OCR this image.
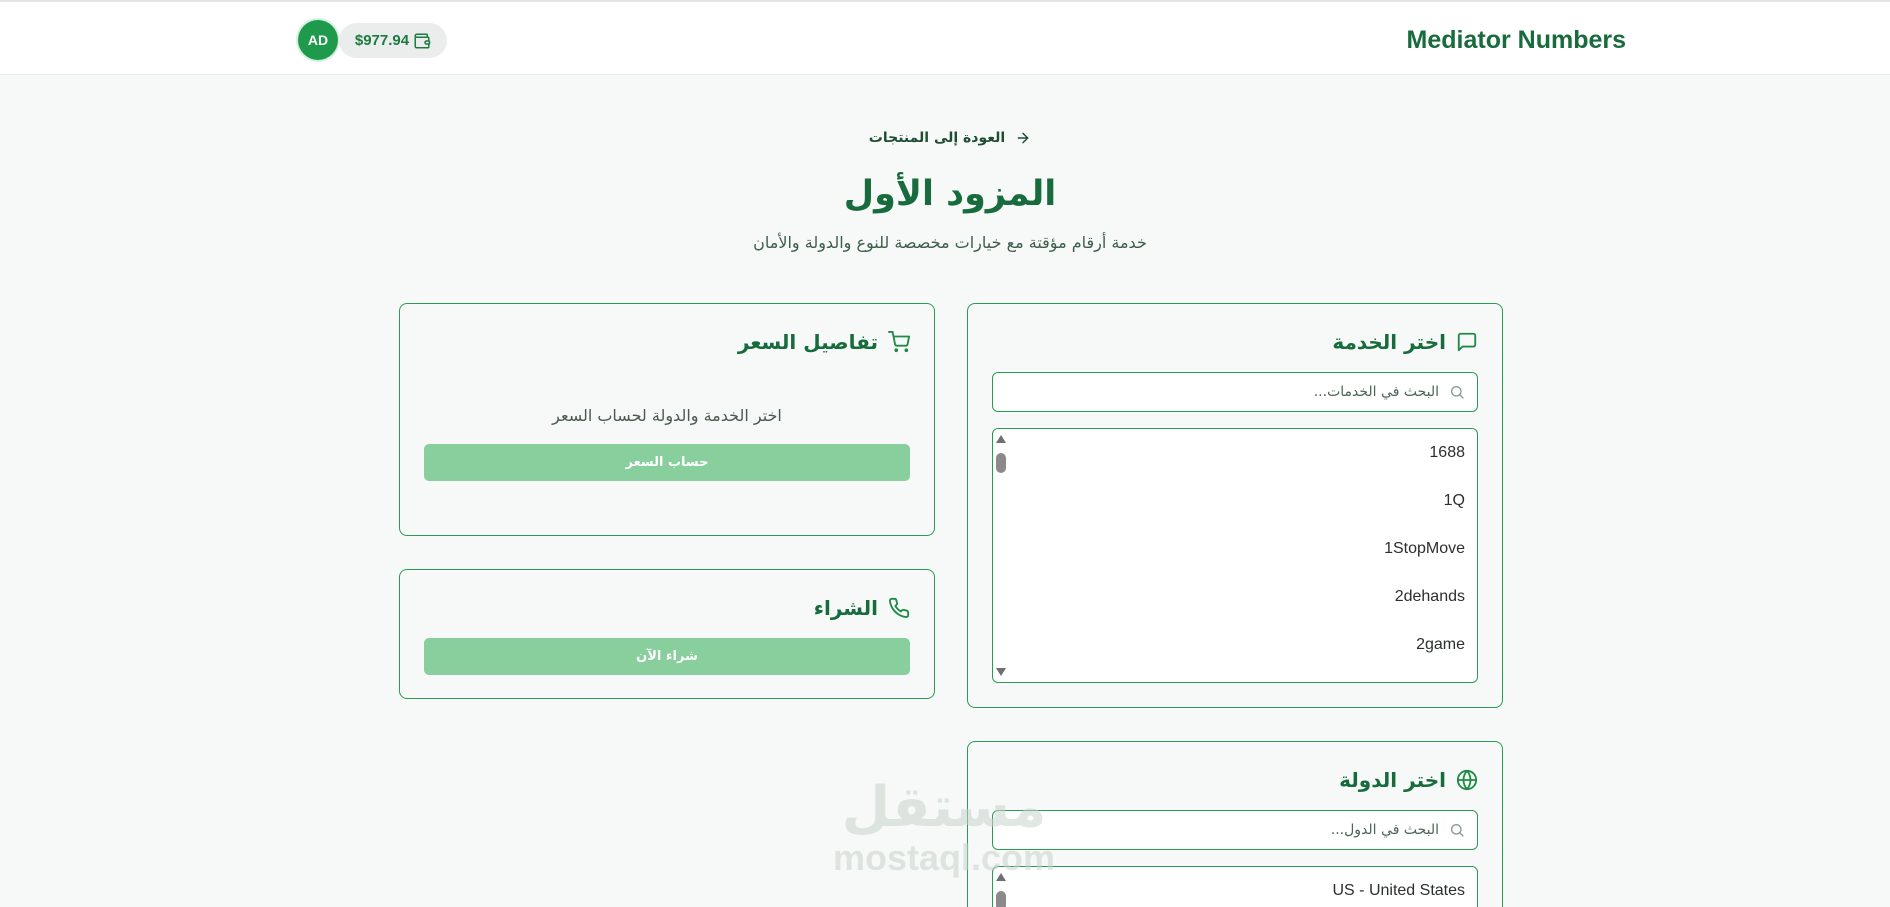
Mediator Numbers
AD	$977.94
العودة إلى المنتجات
المزود الأول

خدمة أرقام مؤقتة مع خيارات مخصصة للنوع والدولة والأمان

اختر الخدمة
البحث في الخدمات...
1688
1Q
1StopMove
2dehands
2game
اختر الدولة
البحث في الدول...
US - United States
تفاصيل السعر

اختر الخدمة والدولة لحساب السعر

حساب السعر
الشراء
شراء الآن
مستقل
mostaql.com
